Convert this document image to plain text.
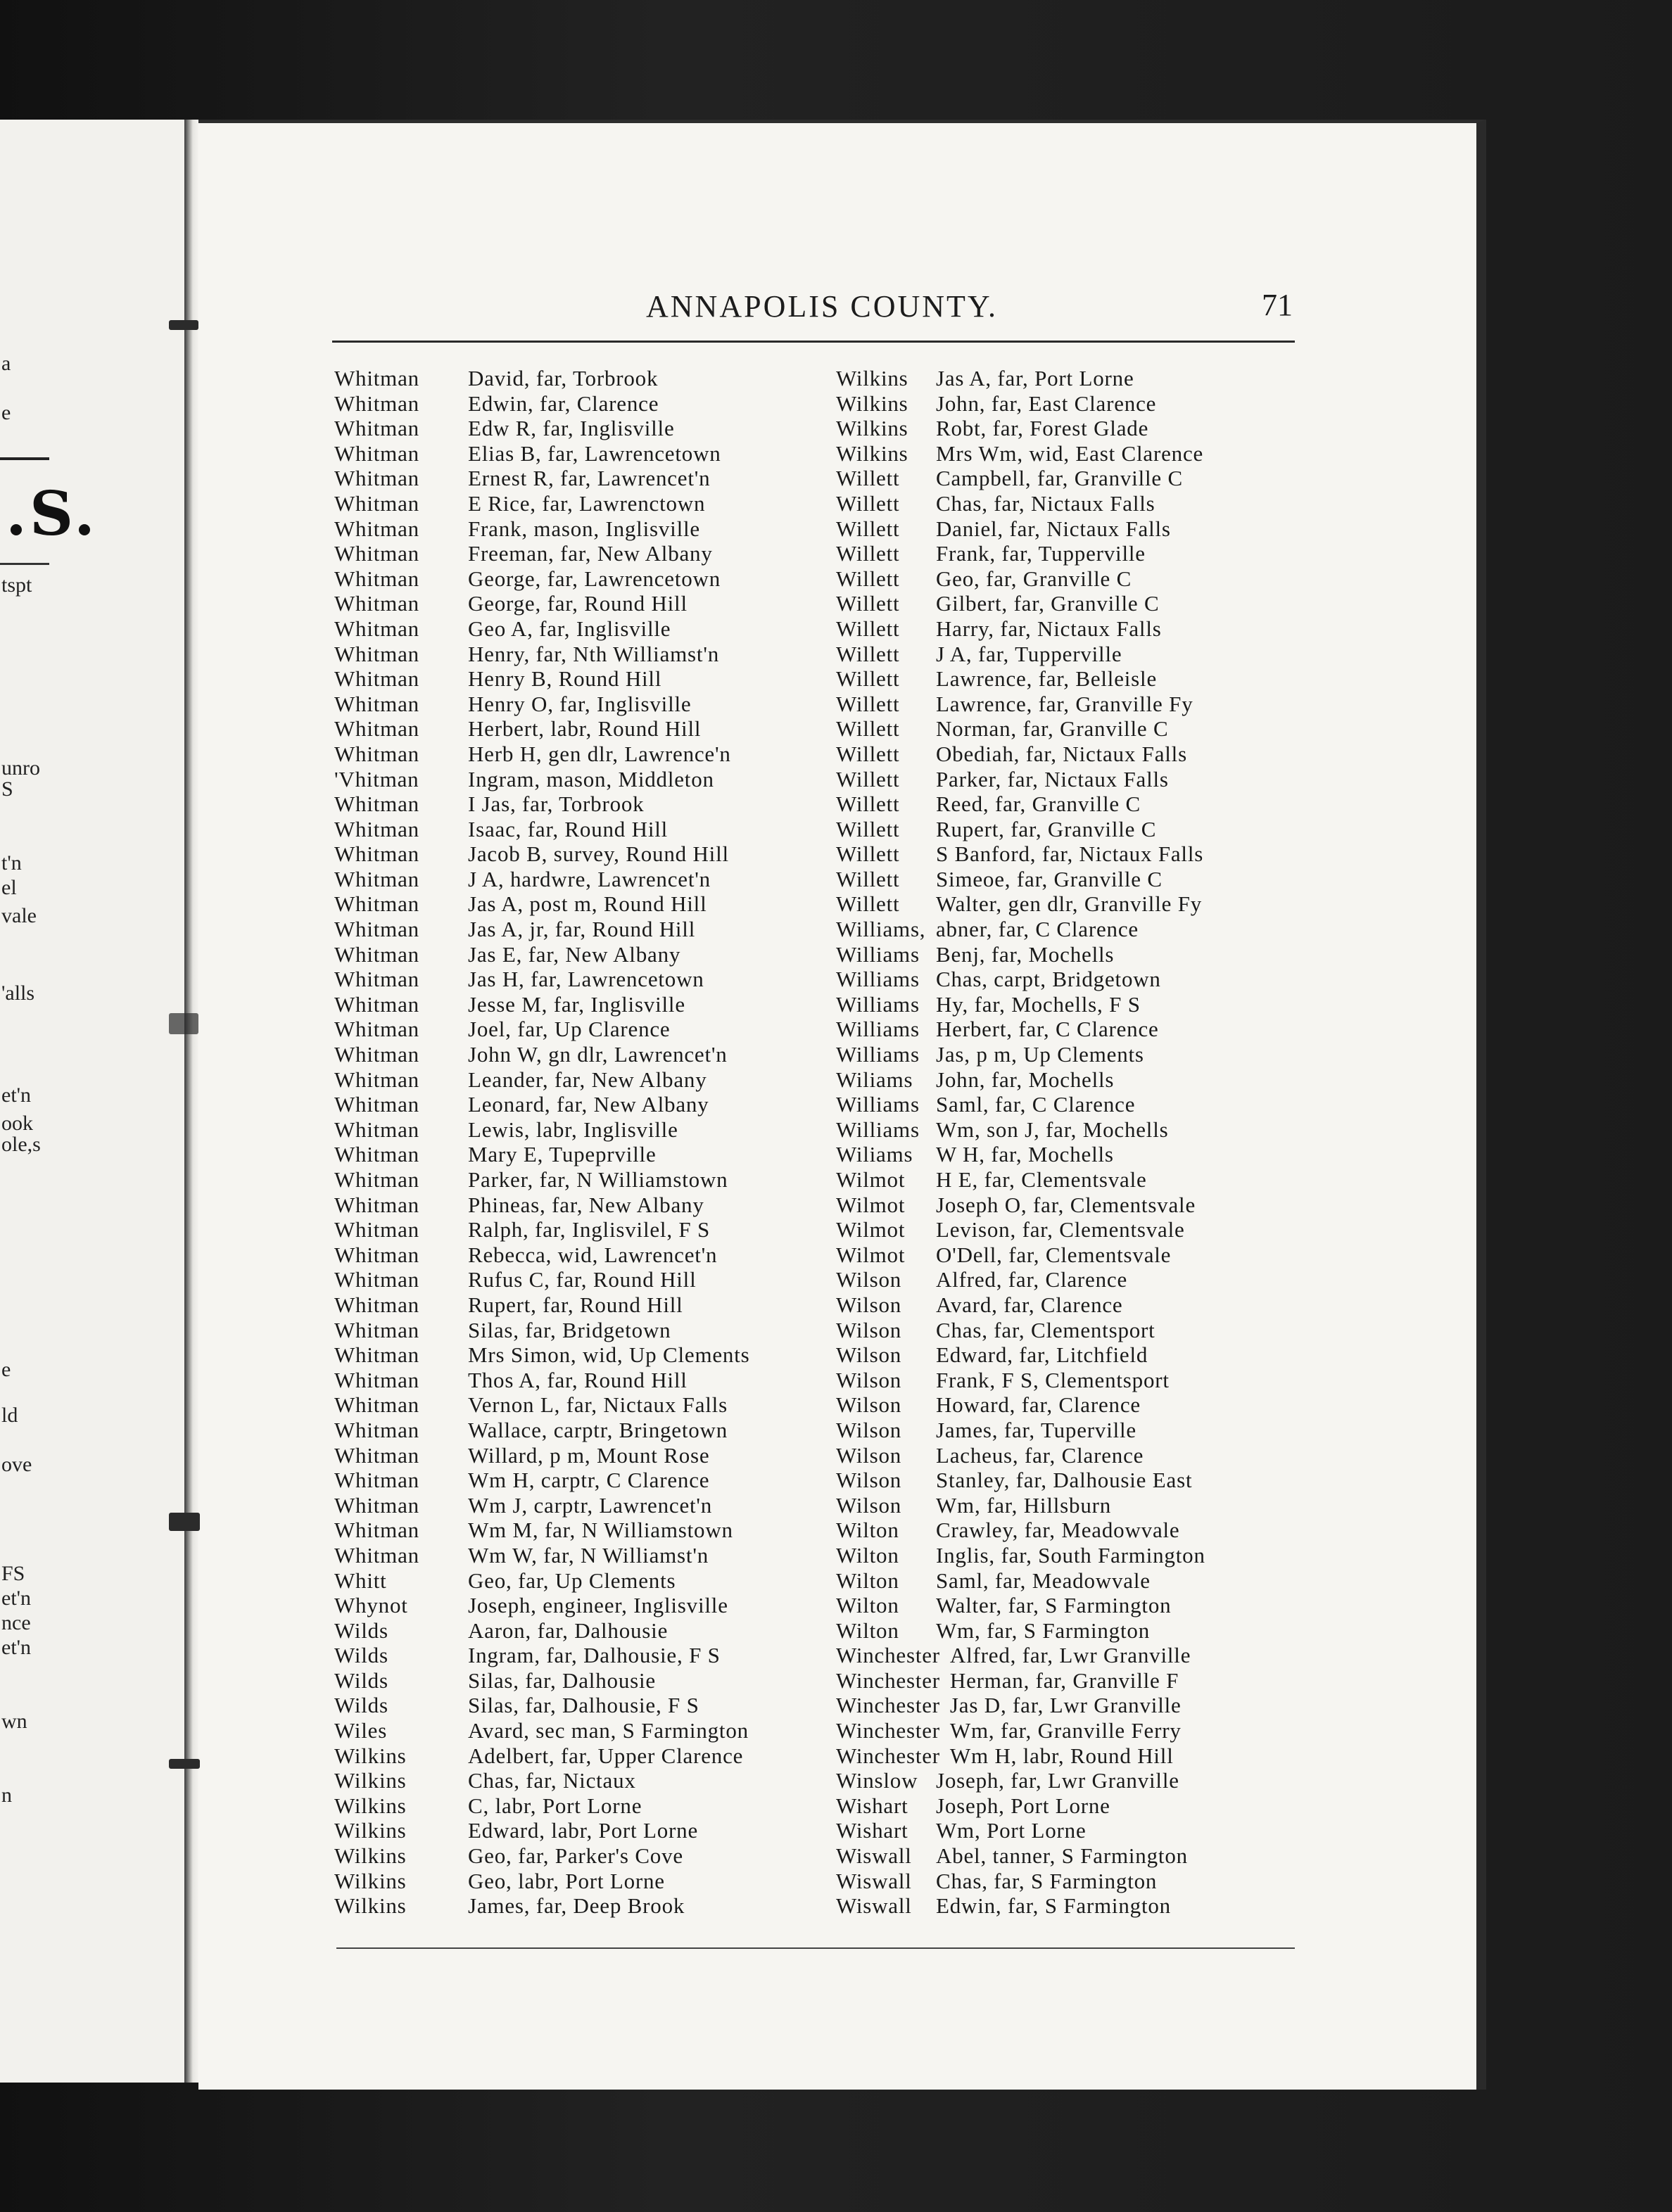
.S.
a
e
tspt
unro
S
t'n
el
vale
'alls
et'n
ook
ole,s
e
ld
ove
FS
et'n
nce
et'n
wn
n
ANNAPOLIS COUNTY.	71
Whitman David, far, Torbrook
Whitman Edwin, far, Clarence
Whitman Edw R, far, Inglisville
Whitman Elias B, far, Lawrencetown
Whitman Ernest R, far, Lawrencet'n
Whitman E Rice, far, Lawrenctown
Whitman Frank, mason, Inglisville
Whitman Freeman, far, New Albany
Whitman George, far, Lawrencetown
Whitman George, far, Round Hill
Whitman Geo A, far, Inglisville
Whitman Henry, far, Nth Williamst'n
Whitman Henry B, Round Hill
Whitman Henry O, far, Inglisville
Whitman Herbert, labr, Round Hill
Whitman Herb H, gen dlr, Lawrence'n
'Vhitman Ingram, mason, Middleton
Whitman I Jas, far, Torbrook
Whitman Isaac, far, Round Hill
Whitman Jacob B, survey, Round Hill
Whitman J A, hardwre, Lawrencet'n
Whitman Jas A, post m, Round Hill
Whitman Jas A, jr, far, Round Hill
Whitman Jas E, far, New Albany
Whitman Jas H, far, Lawrencetown
Whitman Jesse M, far, Inglisville
Whitman Joel, far, Up Clarence
Whitman John W, gn dlr, Lawrencet'n
Whitman Leander, far, New Albany
Whitman Leonard, far, New Albany
Whitman Lewis, labr, Inglisville
Whitman Mary E, Tupeprville
Whitman Parker, far, N Williamstown
Whitman Phineas, far, New Albany
Whitman Ralph, far, Inglisvilel, F S
Whitman Rebecca, wid, Lawrencet'n
Whitman Rufus C, far, Round Hill
Whitman Rupert, far, Round Hill
Whitman Silas, far, Bridgetown
Whitman Mrs Simon, wid, Up Clements
Whitman Thos A, far, Round Hill
Whitman Vernon L, far, Nictaux Falls
Whitman Wallace, carptr, Bringetown
Whitman Willard, p m, Mount Rose
Whitman Wm H, carptr, C Clarence
Whitman Wm J, carptr, Lawrencet'n
Whitman Wm M, far, N Williamstown
Whitman Wm W, far, N Williamst'n
Whitt	Geo, far, Up Clements
Whynot	Joseph, engineer, Inglisville
Wilds	Aaron, far, Dalhousie
Wilds	Ingram, far, Dalhousie, F S
Wilds	Silas, far, Dalhousie
Wilds	Silas, far, Dalhousie, F S
Wiles	Avard, sec man, S Farmington
Wilkins	Adelbert, far, Upper Clarence
Wilkins	Chas, far, Nictaux
Wilkins	C, labr, Port Lorne
Wilkins	Edward, labr, Port Lorne
Wilkins	Geo, far, Parker's Cove
Wilkins	Geo, labr, Port Lorne
Wilkins	James, far, Deep Brook
Wilkins Jas A, far, Port Lorne
Wilkins John, far, East Clarence
Wilkins Robt, far, Forest Glade
Wilkins Mrs Wm, wid, East Clarence
Willett Campbell, far, Granville C
Willett Chas, far, Nictaux Falls
Willett Daniel, far, Nictaux Falls
Willett Frank, far, Tupperville
Willett Geo, far, Granville C
Willett Gilbert, far, Granville C
Willett Harry, far, Nictaux Falls
Willett J A, far, Tupperville
Willett Lawrence, far, Belleisle
Willett Lawrence, far, Granville Fy
Willett Norman, far, Granville C
Willett Obediah, far, Nictaux Falls
Willett Parker, far, Nictaux Falls
Willett Reed, far, Granville C
Willett Rupert, far, Granville C
Willett S Banford, far, Nictaux Falls
Willett Simeoe, far, Granville C
Willett Walter, gen dlr, Granville Fy
Williams, abner, far, C Clarence
Williams Benj, far, Mochells
Williams Chas, carpt, Bridgetown
Williams Hy, far, Mochells, F S
Williams Herbert, far, C Clarence
Williams Jas, p m, Up Clements
Wiliams John, far, Mochells
Williams Saml, far, C Clarence
Williams Wm, son J, far, Mochells
Wiliams W H, far, Mochells
Wilmot H E, far, Clementsvale
Wilmot Joseph O, far, Clementsvale
Wilmot Levison, far, Clementsvale
Wilmot O'Dell, far, Clementsvale
Wilson Alfred, far, Clarence
Wilson Avard, far, Clarence
Wilson Chas, far, Clementsport
Wilson Edward, far, Litchfield
Wilson Frank, F S, Clementsport
Wilson Howard, far, Clarence
Wilson James, far, Tuperville
Wilson Lacheus, far, Clarence
Wilson Stanley, far, Dalhousie East
Wilson Wm, far, Hillsburn
Wilton Crawley, far, Meadowvale
Wilton Inglis, far, South Farmington
Wilton Saml, far, Meadowvale
Wilton Walter, far, S Farmington
Wilton Wm, far, S Farmington
Winchester Alfred, far, Lwr Granville
Winchester Herman, far, Granville F
Winchester Jas D, far, Lwr Granville
Winchester Wm, far, Granville Ferry
Winchester Wm H, labr, Round Hill
Winslow Joseph, far, Lwr Granville
Wishart Joseph, Port Lorne
Wishart Wm, Port Lorne
Wiswall Abel, tanner, S Farmington
Wiswall Chas, far, S Farmington
Wiswall Edwin, far, S Farmington
